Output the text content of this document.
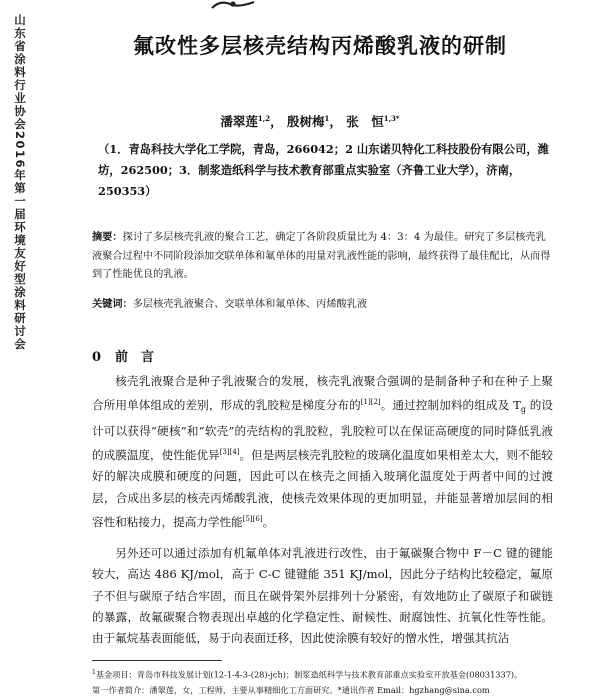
山东省涂料行业协会2016年第一届环境友好型涂料研讨会	氟改性多层核壳结构丙烯酸乳液的研制
潘翠莲$^{1,2}$， 殷树梅$^1$， 张　恒$^{1,3*}$
（1．青岛科技大学化工学院，青岛，266042；2 山东诺贝特化工科技股份有限公司，潍坊，262500；3．制浆造纸科学与技术教育部重点实验室（齐鲁工业大学），济南，250353）
摘要：探讨了多层核壳乳液的聚合工艺，确定了各阶段质量比为 4：3：4 为最佳。研究了多层核壳乳液聚合过程中不同阶段添加交联单体和氟单体的用量对乳液性能的影响，最终获得了最佳配比，从而得到了性能优良的乳液。
关键词：多层核壳乳液聚合、交联单体和氟单体、丙烯酸乳液
0 前　言

核壳乳液聚合是种子乳液聚合的发展，核壳乳液聚合强调的是制备种子和在种子上聚合所用单体组成的差别，形成的乳胶粒是梯度分布的[1][2]。通过控制加料的组成及 $T_g$ 的设计可以获得“硬核”和“软壳”的壳结构的乳胶粒，乳胶粒可以在保证高硬度的同时降低乳液的成膜温度，使性能优异[3][4]。但是两层核壳乳胶粒的玻璃化温度如果相差太大，则不能较好的解决成膜和硬度的问题，因此可以在核壳之间插入玻璃化温度处于两者中间的过渡层，合成出多层的核壳丙烯酸乳液，使核壳效果体现的更加明显，并能显著增加层间的相容性和粘接力，提高力学性能[5][6]。

另外还可以通过添加有机氟单体对乳液进行改性，由于氟碳聚合物中 F－C 键的键能较大，高达 486 KJ/mol，高于 C-C 键键能 351 KJ/mol，因此分子结构比较稳定，氟原子不但与碳原子结合牢固，而且在碳骨架外层排列十分紧密，有效地防止了碳原子和碳链的暴露，故氟碳聚合物表现出卓越的化学稳定性、耐候性、耐腐蚀性、抗氧化性等性能。由于氟烷基表面能低，易于向表面迁移，因此使涂膜有较好的憎水性，增强其抗沾

$^1$基金项目：青岛市科技发展计划(12-1-4-3-(28)-jch)；制浆造纸科学与技术教育部重点实验室开放基金(08031337)。
第一作者简介：潘翠莲，女，工程师，主要从事精细化工方面研究。*通讯作者 Email：hgzhang@sina.com
